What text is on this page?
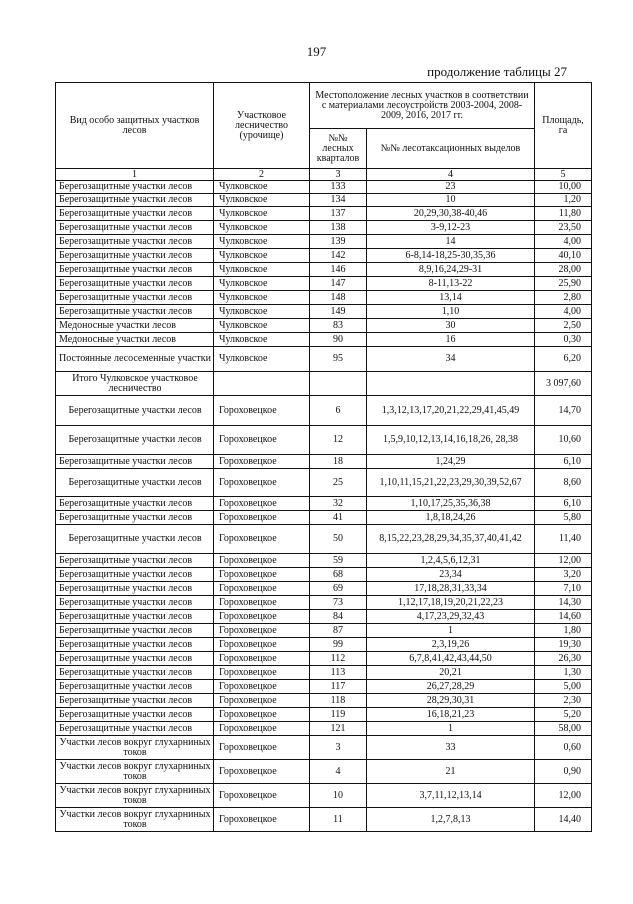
197
продолжение таблицы 27
Вид особо защитных участков лесов	Участковое лесничество (урочище)	Местоположение лесных участков в соответствии с материалами лесоустройств 2003-2004, 2008-2009, 2016, 2017 гг.		Площадь, га
		№№ лесных кварталов	№№ лесотаксационных выделов	
1	2	3	4	5
Берегозащитные участки лесов	Чулковское	133	23	10,00
Берегозащитные участки лесов	Чулковское	134	10	1,20
Берегозащитные участки лесов	Чулковское	137	20,29,30,38-40,46	11,80
Берегозащитные участки лесов	Чулковское	138	3-9,12-23	23,50
Берегозащитные участки лесов	Чулковское	139	14	4,00
Берегозащитные участки лесов	Чулковское	142	6-8,14-18,25-30,35,36	40,10
Берегозащитные участки лесов	Чулковское	146	8,9,16,24,29-31	28,00
Берегозащитные участки лесов	Чулковское	147	8-11,13-22	25,90
Берегозащитные участки лесов	Чулковское	148	13,14	2,80
Берегозащитные участки лесов	Чулковское	149	1,10	4,00
Медоносные участки лесов	Чулковское	83	30	2,50
Медоносные участки лесов	Чулковское	90	16	0,30
Постоянные лесосеменные участки	Чулковское	95	34	6,20
Итого Чулковское участковое лесничество				3 097,60
Берегозащитные участки лесов	Гороховецкое	6	1,3,12,13,17,20,21,22,29,41,45,49	14,70
Берегозащитные участки лесов	Гороховецкое	12	1,5,9,10,12,13,14,16,18,26, 28,38	10,60
Берегозащитные участки лесов	Гороховецкое	18	1,24,29	6,10
Берегозащитные участки лесов	Гороховецкое	25	1,10,11,15,21,22,23,29,30,39,52,67	8,60
Берегозащитные участки лесов	Гороховецкое	32	1,10,17,25,35,36,38	6,10
Берегозащитные участки лесов	Гороховецкое	41	1,8,18,24,26	5,80
Берегозащитные участки лесов	Гороховецкое	50	8,15,22,23,28,29,34,35,37,40,41,42	11,40
Берегозащитные участки лесов	Гороховецкое	59	1,2,4,5,6,12,31	12,00
Берегозащитные участки лесов	Гороховецкое	68	23,34	3,20
Берегозащитные участки лесов	Гороховецкое	69	17,18,28,31,33,34	7,10
Берегозащитные участки лесов	Гороховецкое	73	1,12,17,18,19,20,21,22,23	14,30
Берегозащитные участки лесов	Гороховецкое	84	4,17,23,29,32,43	14,60
Берегозащитные участки лесов	Гороховецкое	87	1	1,80
Берегозащитные участки лесов	Гороховецкое	99	2,3,19,26	19,30
Берегозащитные участки лесов	Гороховецкое	112	6,7,8,41,42,43,44,50	26,30
Берегозащитные участки лесов	Гороховецкое	113	20,21	1,30
Берегозащитные участки лесов	Гороховецкое	117	26,27,28,29	5,00
Берегозащитные участки лесов	Гороховецкое	118	28,29,30,31	2,30
Берегозащитные участки лесов	Гороховецкое	119	16,18,21,23	5,20
Берегозащитные участки лесов	Гороховецкое	121	1	58,00
Участки лесов вокруг глухарниных токов	Гороховецкое	3	33	0,60
Участки лесов вокруг глухарниных токов	Гороховецкое	4	21	0,90
Участки лесов вокруг глухарниных токов	Гороховецкое	10	3,7,11,12,13,14	12,00
Участки лесов вокруг глухарниных токов	Гороховецкое	11	1,2,7,8,13	14,40
